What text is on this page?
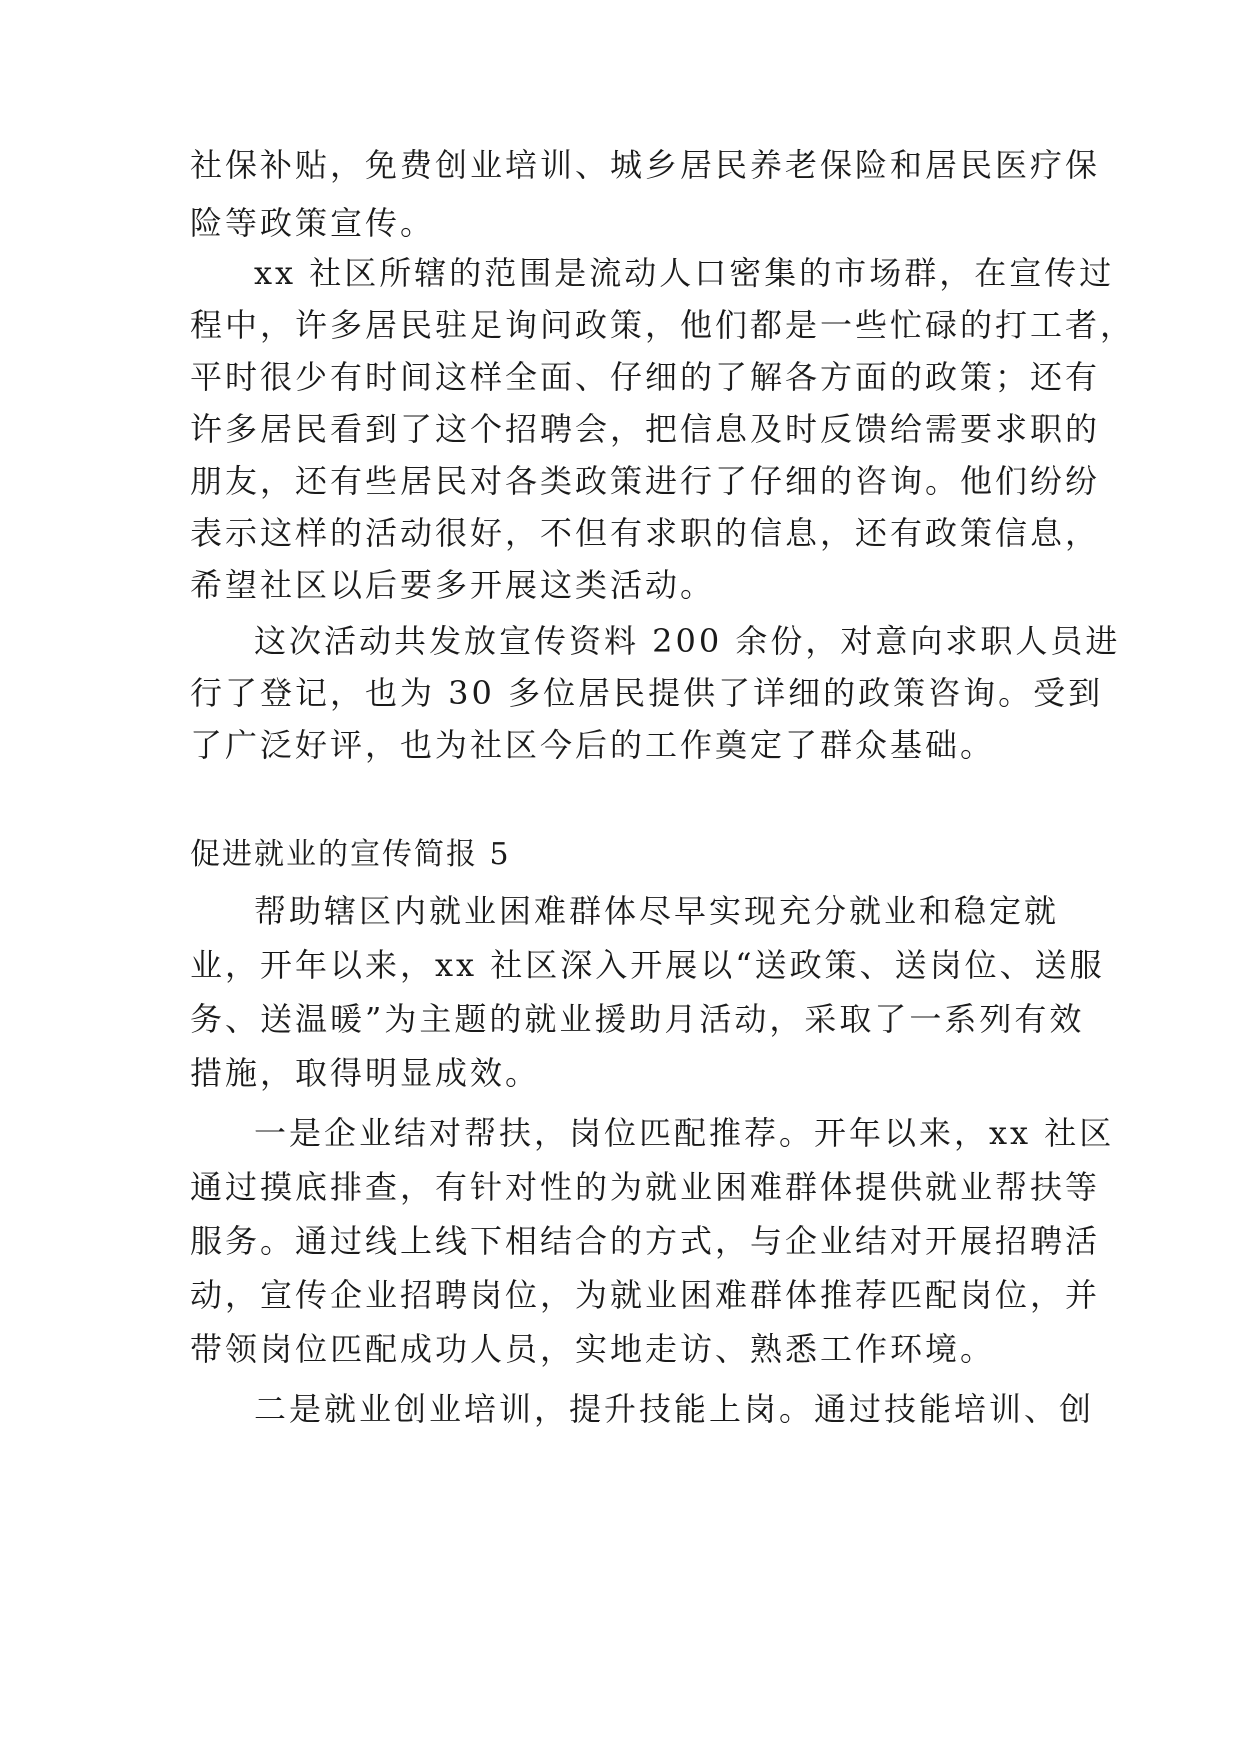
社保补贴，免费创业培训、城乡居民养老保险和居民医疗保
险等政策宣传。
xx 社区所辖的范围是流动人口密集的市场群，在宣传过
程中，许多居民驻足询问政策，他们都是一些忙碌的打工者，
平时很少有时间这样全面、仔细的了解各方面的政策；还有
许多居民看到了这个招聘会，把信息及时反馈给需要求职的
朋友，还有些居民对各类政策进行了仔细的咨询。他们纷纷
表示这样的活动很好，不但有求职的信息，还有政策信息，
希望社区以后要多开展这类活动。
这次活动共发放宣传资料 200 余份，对意向求职人员进
行了登记，也为 30 多位居民提供了详细的政策咨询。受到
了广泛好评，也为社区今后的工作奠定了群众基础。
促进就业的宣传简报 5
帮助辖区内就业困难群体尽早实现充分就业和稳定就
业，开年以来，xx 社区深入开展以“送政策、送岗位、送服
务、送温暖”为主题的就业援助月活动，采取了一系列有效
措施，取得明显成效。
一是企业结对帮扶，岗位匹配推荐。开年以来，xx 社区
通过摸底排查，有针对性的为就业困难群体提供就业帮扶等
服务。通过线上线下相结合的方式，与企业结对开展招聘活
动，宣传企业招聘岗位，为就业困难群体推荐匹配岗位，并
带领岗位匹配成功人员，实地走访、熟悉工作环境。
二是就业创业培训，提升技能上岗。通过技能培训、创
